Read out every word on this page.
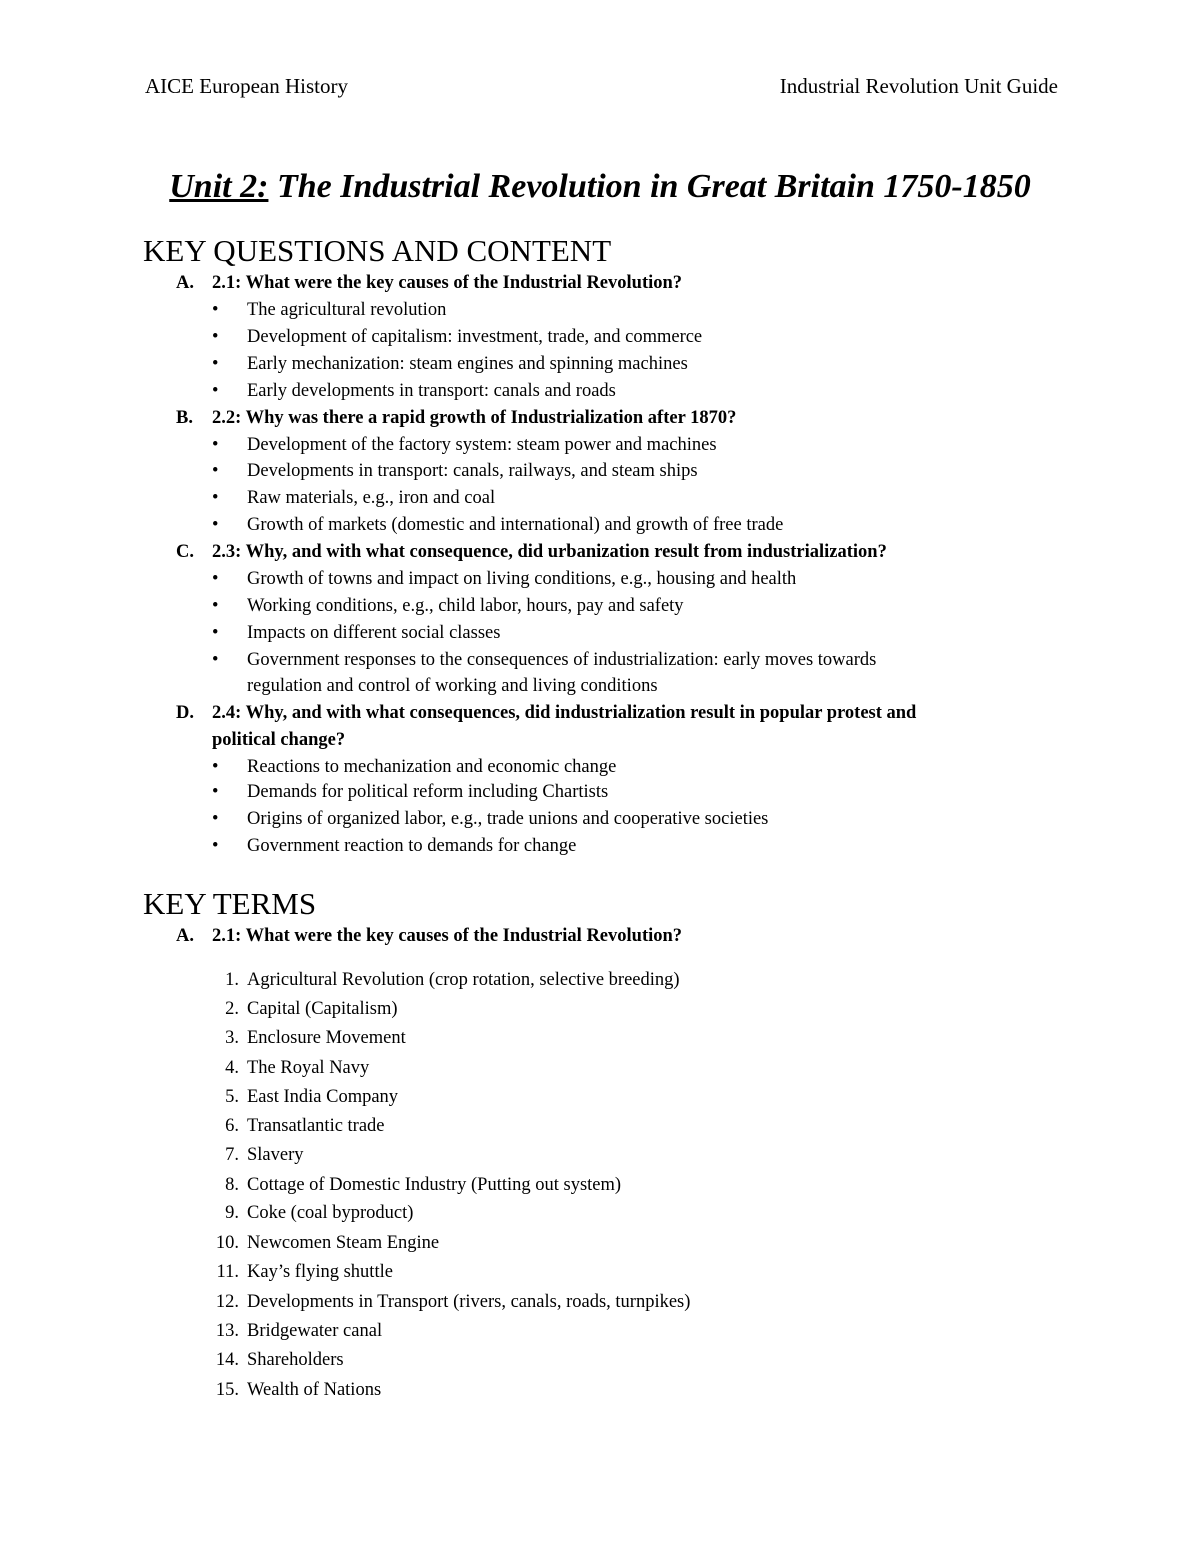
AICE European History	Industrial Revolution Unit Guide
Unit 2: The Industrial Revolution in Great Britain 1750-1850
KEY QUESTIONS AND CONTENT
A. 2.1: What were the key causes of the Industrial Revolution?
• The agricultural revolution
• Development of capitalism: investment, trade, and commerce
• Early mechanization: steam engines and spinning machines
• Early developments in transport: canals and roads
B. 2.2: Why was there a rapid growth of Industrialization after 1870?
• Development of the factory system: steam power and machines
• Developments in transport: canals, railways, and steam ships
• Raw materials, e.g., iron and coal
• Growth of markets (domestic and international) and growth of free trade
C. 2.3: Why, and with what consequence, did urbanization result from industrialization?
• Growth of towns and impact on living conditions, e.g., housing and health
• Working conditions, e.g., child labor, hours, pay and safety
• Impacts on different social classes
• Government responses to the consequences of industrialization: early moves towards
regulation and control of working and living conditions
D. 2.4: Why, and with what consequences, did industrialization result in popular protest and
political change?
• Reactions to mechanization and economic change
• Demands for political reform including Chartists
• Origins of organized labor, e.g., trade unions and cooperative societies
• Government reaction to demands for change
KEY TERMS
A. 2.1: What were the key causes of the Industrial Revolution?
1. Agricultural Revolution (crop rotation, selective breeding)
2. Capital (Capitalism)
3. Enclosure Movement
4. The Royal Navy
5. East India Company
6. Transatlantic trade
7. Slavery
8. Cottage of Domestic Industry (Putting out system)
9. Coke (coal byproduct)
10. Newcomen Steam Engine
11. Kay’s flying shuttle
12. Developments in Transport (rivers, canals, roads, turnpikes)
13. Bridgewater canal
14. Shareholders
15. Wealth of Nations
